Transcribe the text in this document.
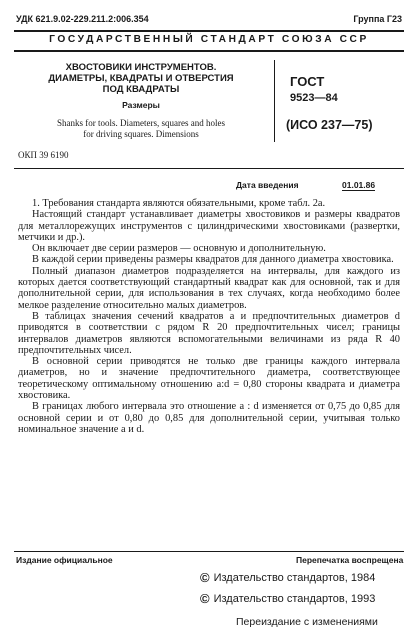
УДК 621.9.02-229.211.2:006.354	Группа Г23
ГОСУДАРСТВЕННЫЙ СТАНДАРТ СОЮЗА ССР
ХВОСТОВИКИ ИНСТРУМЕНТОВ.
ДИАМЕТРЫ, КВАДРАТЫ И ОТВЕРСТИЯ
ПОД КВАДРАТЫ
Размеры
Shanks for tools. Diameters, squares and holes
for driving squares. Dimensions
ГОСТ
9523—84
(ИСО 237—75)
ОКП 39 6190
Дата введения	01.01.86

1. Требования стандарта являются обязательными, кроме табл. 2а.

Настоящий стандарт устанавливает диаметры хвостовиков и размеры квадратов для металлорежущих инструментов с цилиндрическими хвостовиками (развертки, метчики и др.).

Он включает две серии размеров — основную и дополнительную.

В каждой серии приведены размеры квадратов для данного диаметра хвостовика.

Полный диапазон диаметров подразделяется на интервалы, для каждого из которых дается соответствующий стандартный квадрат как для основной, так и для дополнительной серии, для использования в тех случаях, когда необходимо более мелкое разделение относительно малых диаметров.

В таблицах значения сечений квадратов a и предпочтительных диаметров d приводятся в соответствии с рядом R 20 предпочтительных чисел; границы интервалов диаметров являются вспомогательными величинами из ряда R 40 предпочтительных чисел.

В основной серии приводятся не только две границы каждого интервала диаметров, но и значение предпочтительного диаметра, соответствующее теоретическому оптимальному отношению a:d = 0,80 стороны квадрата и диаметра хвостовика.

В границах любого интервала это отношение a : d изменяется от 0,75 до 0,85 для основной серии и от 0,80 до 0,85 для дополнительной серии, учитывая только номинальное значение a и d.

Издание официальное	Перепечатка воспрещена
© Издательство стандартов, 1984
© Издательство стандартов, 1993
Переиздание с изменениями
